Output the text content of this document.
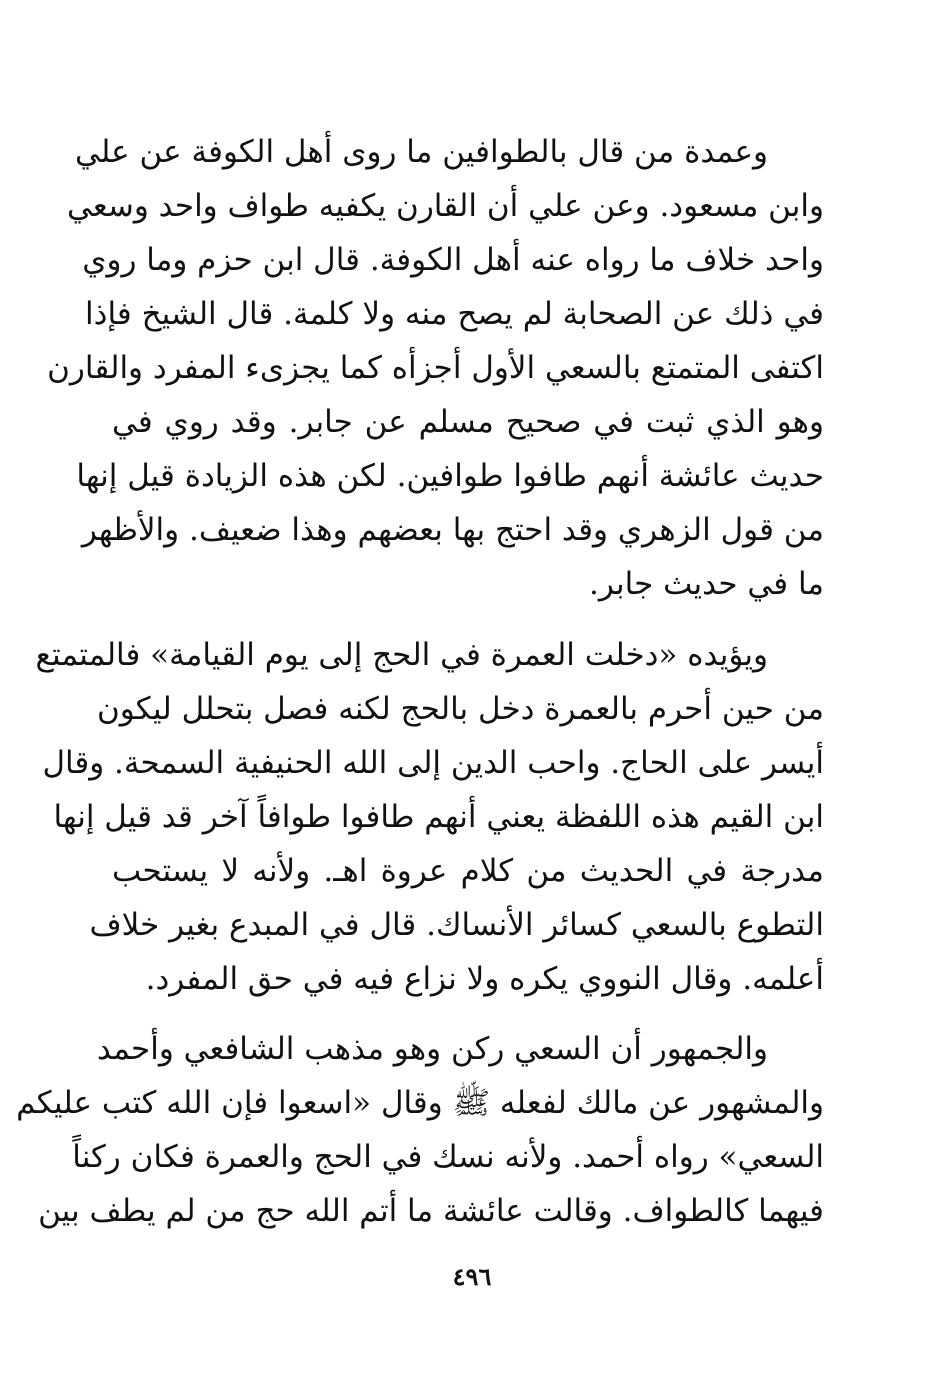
وعمدة من قال بالطوافين ما روى أهل الكوفة عن علي
وابن مسعود. وعن علي أن القارن يكفيه طواف واحد وسعي
واحد خلاف ما رواه عنه أهل الكوفة. قال ابن حزم وما روي
في ذلك عن الصحابة لم يصح منه ولا كلمة. قال الشيخ فإذا
اكتفى المتمتع بالسعي الأول أجزأه كما يجزىء المفرد والقارن
وهو الذي ثبت في صحيح مسلم عن جابر. وقد روي في
حديث عائشة أنهم طافوا طوافين. لكن هذه الزيادة قيل إنها
من قول الزهري وقد احتج بها بعضهم وهذا ضعيف. والأظهر
ما في حديث جابر.
ويؤيده «دخلت العمرة في الحج إلى يوم القيامة» فالمتمتع
من حين أحرم بالعمرة دخل بالحج لكنه فصل بتحلل ليكون
أيسر على الحاج. واحب الدين إلى الله الحنيفية السمحة. وقال
ابن القيم هذه اللفظة يعني أنهم طافوا طوافاً آخر قد قيل إنها
مدرجة في الحديث من كلام عروة اهـ. ولأنه لا يستحب
التطوع بالسعي كسائر الأنساك. قال في المبدع بغير خلاف
أعلمه. وقال النووي يكره ولا نزاع فيه في حق المفرد.
والجمهور أن السعي ركن وهو مذهب الشافعي وأحمد
والمشهور عن مالك لفعله ﷺ وقال «اسعوا فإن الله كتب عليكم
السعي» رواه أحمد. ولأنه نسك في الحج والعمرة فكان ركناً
فيهما كالطواف. وقالت عائشة ما أتم الله حج من لم يطف بين
٤٩٦
